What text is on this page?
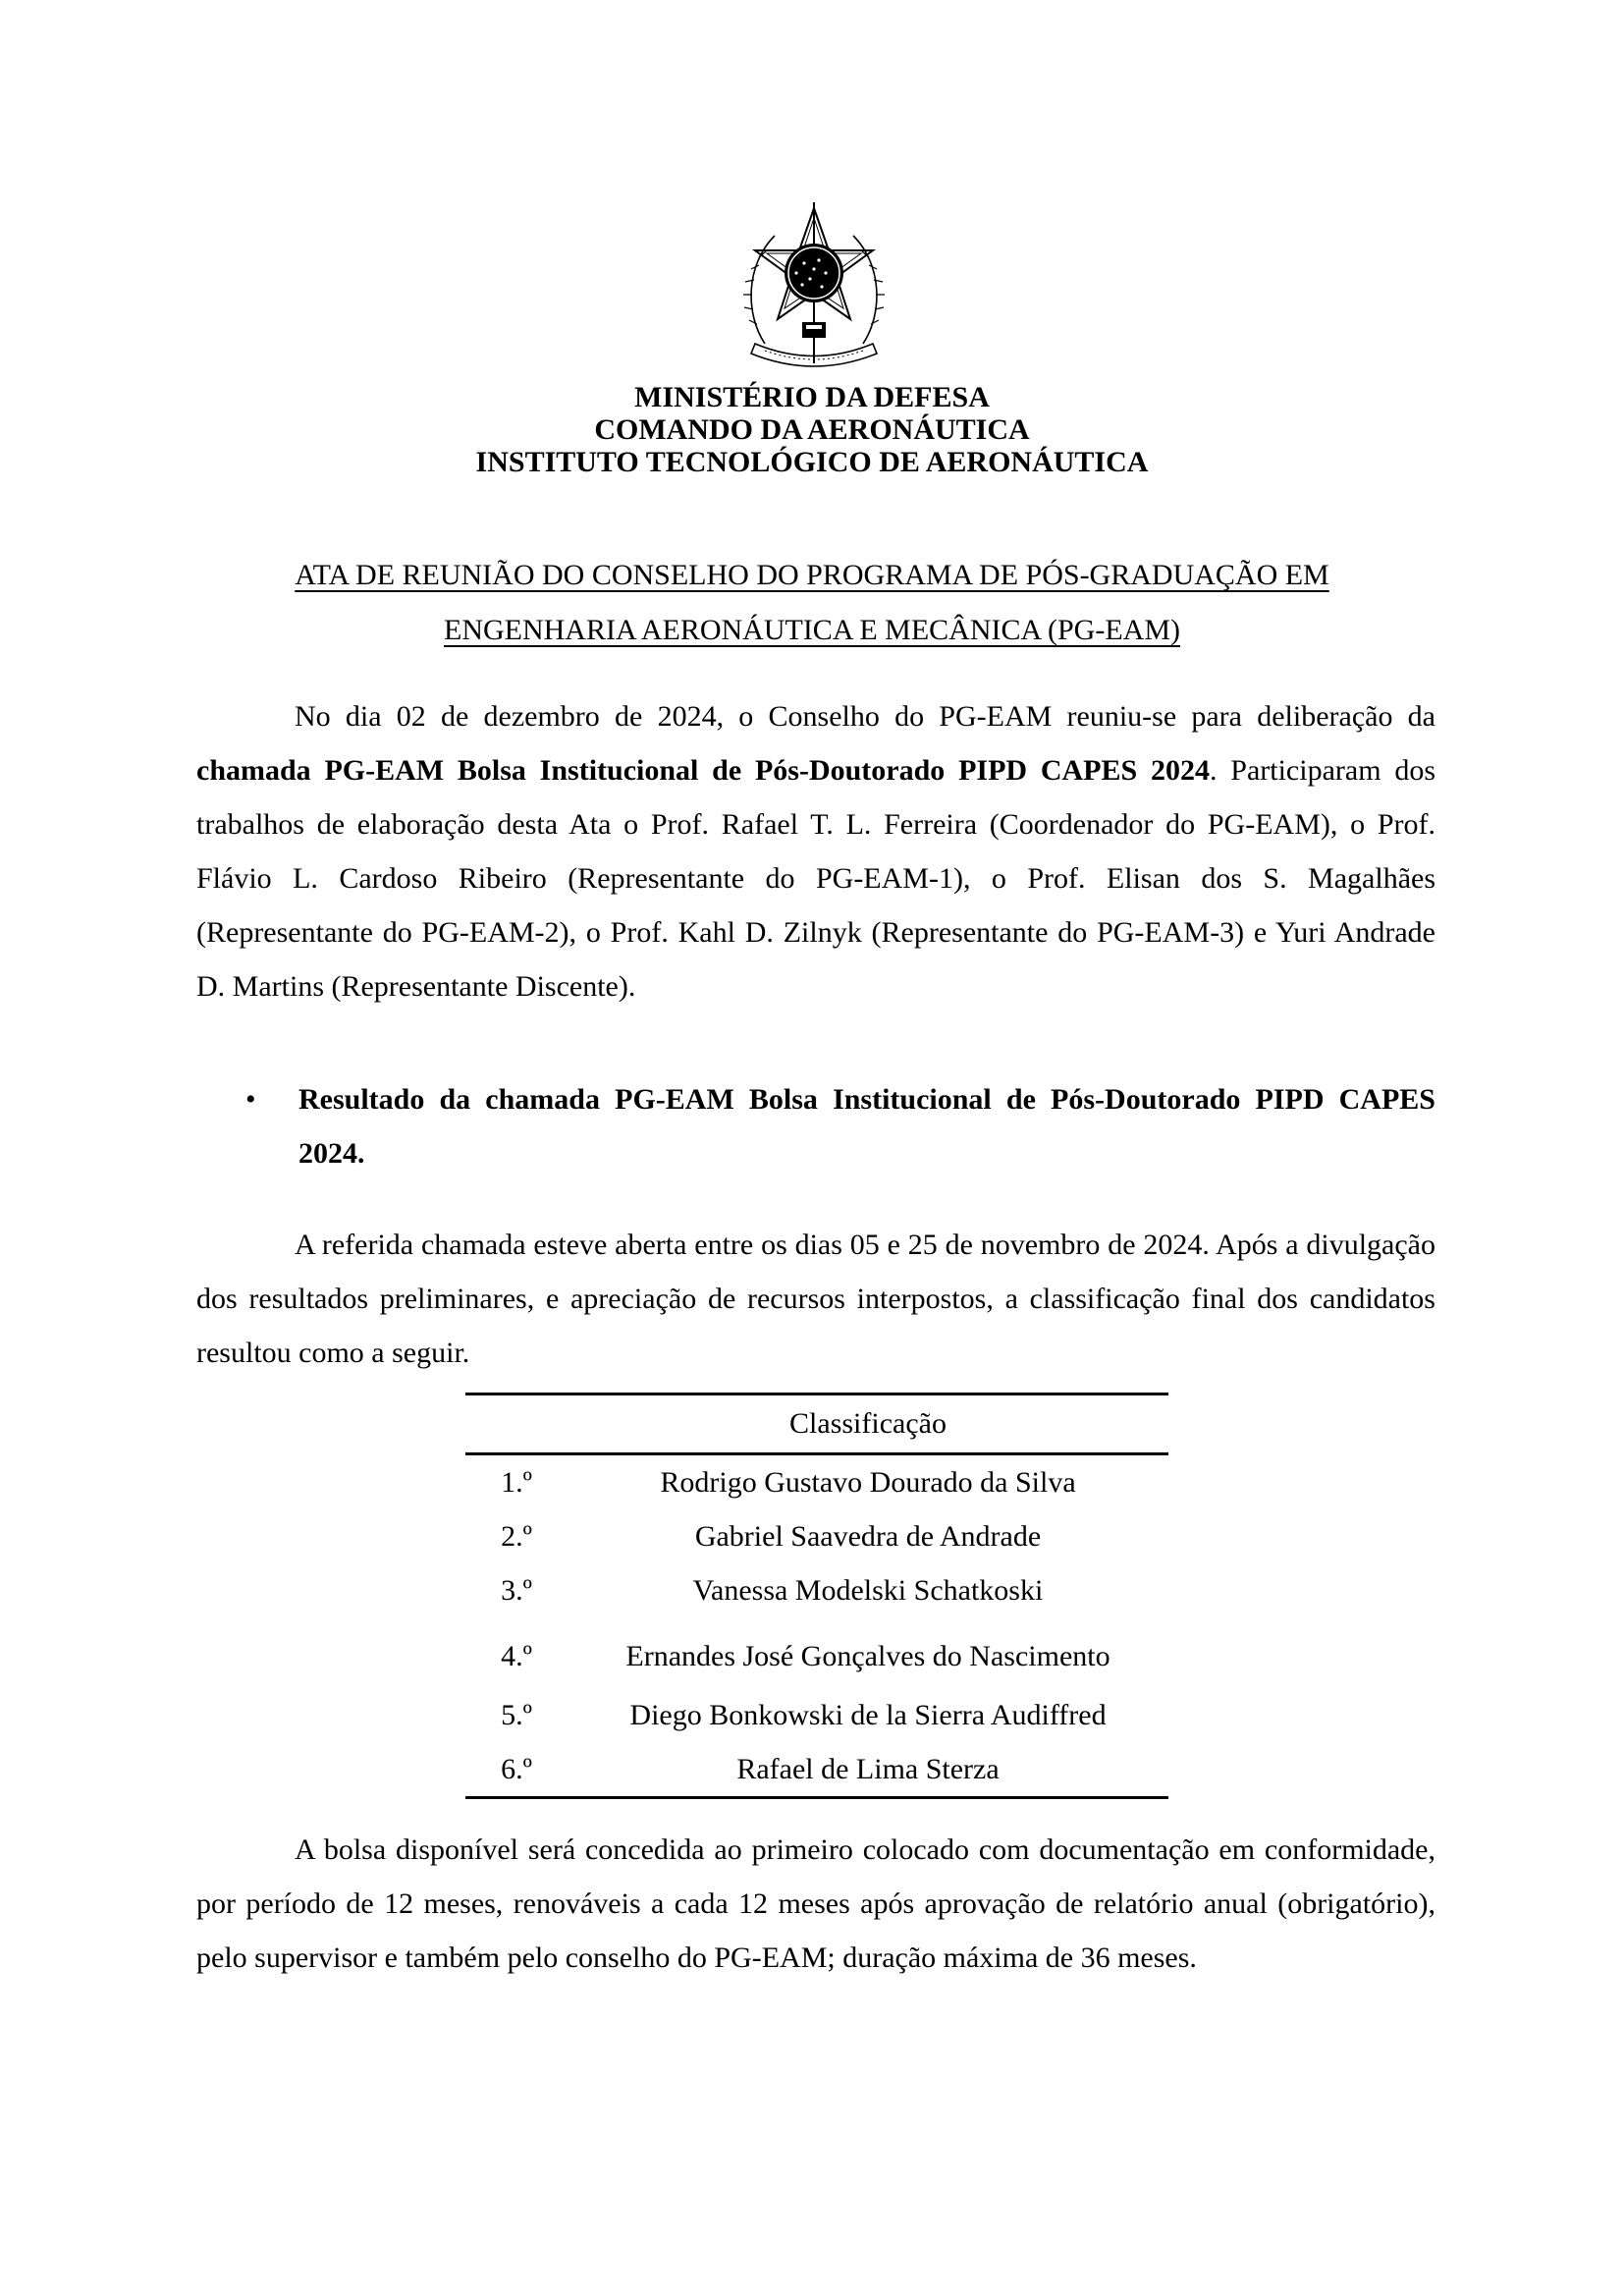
MINISTÉRIO DA DEFESA
COMANDO DA AERONÁUTICA
INSTITUTO TECNOLÓGICO DE AERONÁUTICA
ATA DE REUNIÃO DO CONSELHO DO PROGRAMA DE PÓS-GRADUAÇÃO EM
ENGENHARIA AERONÁUTICA E MECÂNICA (PG-EAM)
No dia 02 de dezembro de 2024, o Conselho do PG-EAM reuniu-se para deliberação da chamada PG-EAM Bolsa Institucional de Pós-Doutorado PIPD CAPES 2024. Participaram dos trabalhos de elaboração desta Ata o Prof. Rafael T. L. Ferreira (Coordenador do PG-EAM), o Prof. Flávio L. Cardoso Ribeiro (Representante do PG-EAM-1), o Prof. Elisan dos S. Magalhães (Representante do PG-EAM-2), o Prof. Kahl D. Zilnyk (Representante do PG-EAM-3) e Yuri Andrade D. Martins (Representante Discente).
• Resultado da chamada PG-EAM Bolsa Institucional de Pós-Doutorado PIPD CAPES 2024.
A referida chamada esteve aberta entre os dias 05 e 25 de novembro de 2024. Após a divulgação dos resultados preliminares, e apreciação de recursos interpostos, a classificação final dos candidatos resultou como a seguir.
	Classificação
1.º	Rodrigo Gustavo Dourado da Silva
2.º	Gabriel Saavedra de Andrade
3.º	Vanessa Modelski Schatkoski
4.º	Ernandes José Gonçalves do Nascimento
5.º	Diego Bonkowski de la Sierra Audiffred
6.º	Rafael de Lima Sterza
A bolsa disponível será concedida ao primeiro colocado com documentação em conformidade, por período de 12 meses, renováveis a cada 12 meses após aprovação de relatório anual (obrigatório), pelo supervisor e também pelo conselho do PG-EAM; duração máxima de 36 meses.
